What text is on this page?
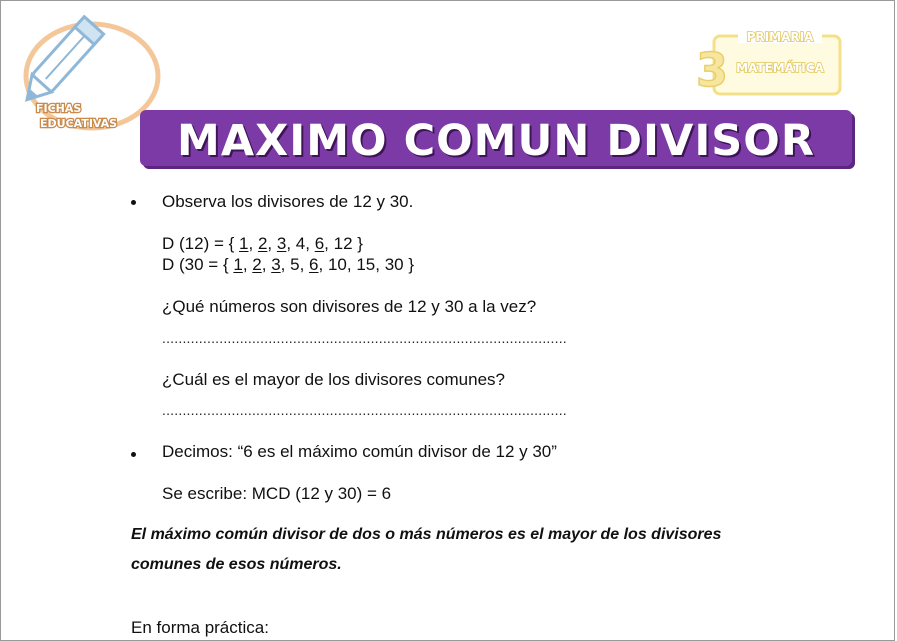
FICHAS
EDUCATIVAS
3
PRIMARIA
MATEMÁTICA
MAXIMO COMUN DIVISOR
Observa los divisores de 12 y 30.
D (12) = { 1, 2, 3, 4, 6, 12 }
D (30 = { 1, 2, 3, 5, 6, 10, 15, 30 }
¿Qué números son divisores de 12 y 30 a la vez?
...................................................................................................
¿Cuál es el mayor de los divisores comunes?
...................................................................................................
Decimos: “6 es el máximo común divisor de 12 y 30”
Se escribe: MCD (12 y 30) = 6
El máximo común divisor de dos o más números es el mayor de los divisores
comunes de esos números.
En forma práctica:
